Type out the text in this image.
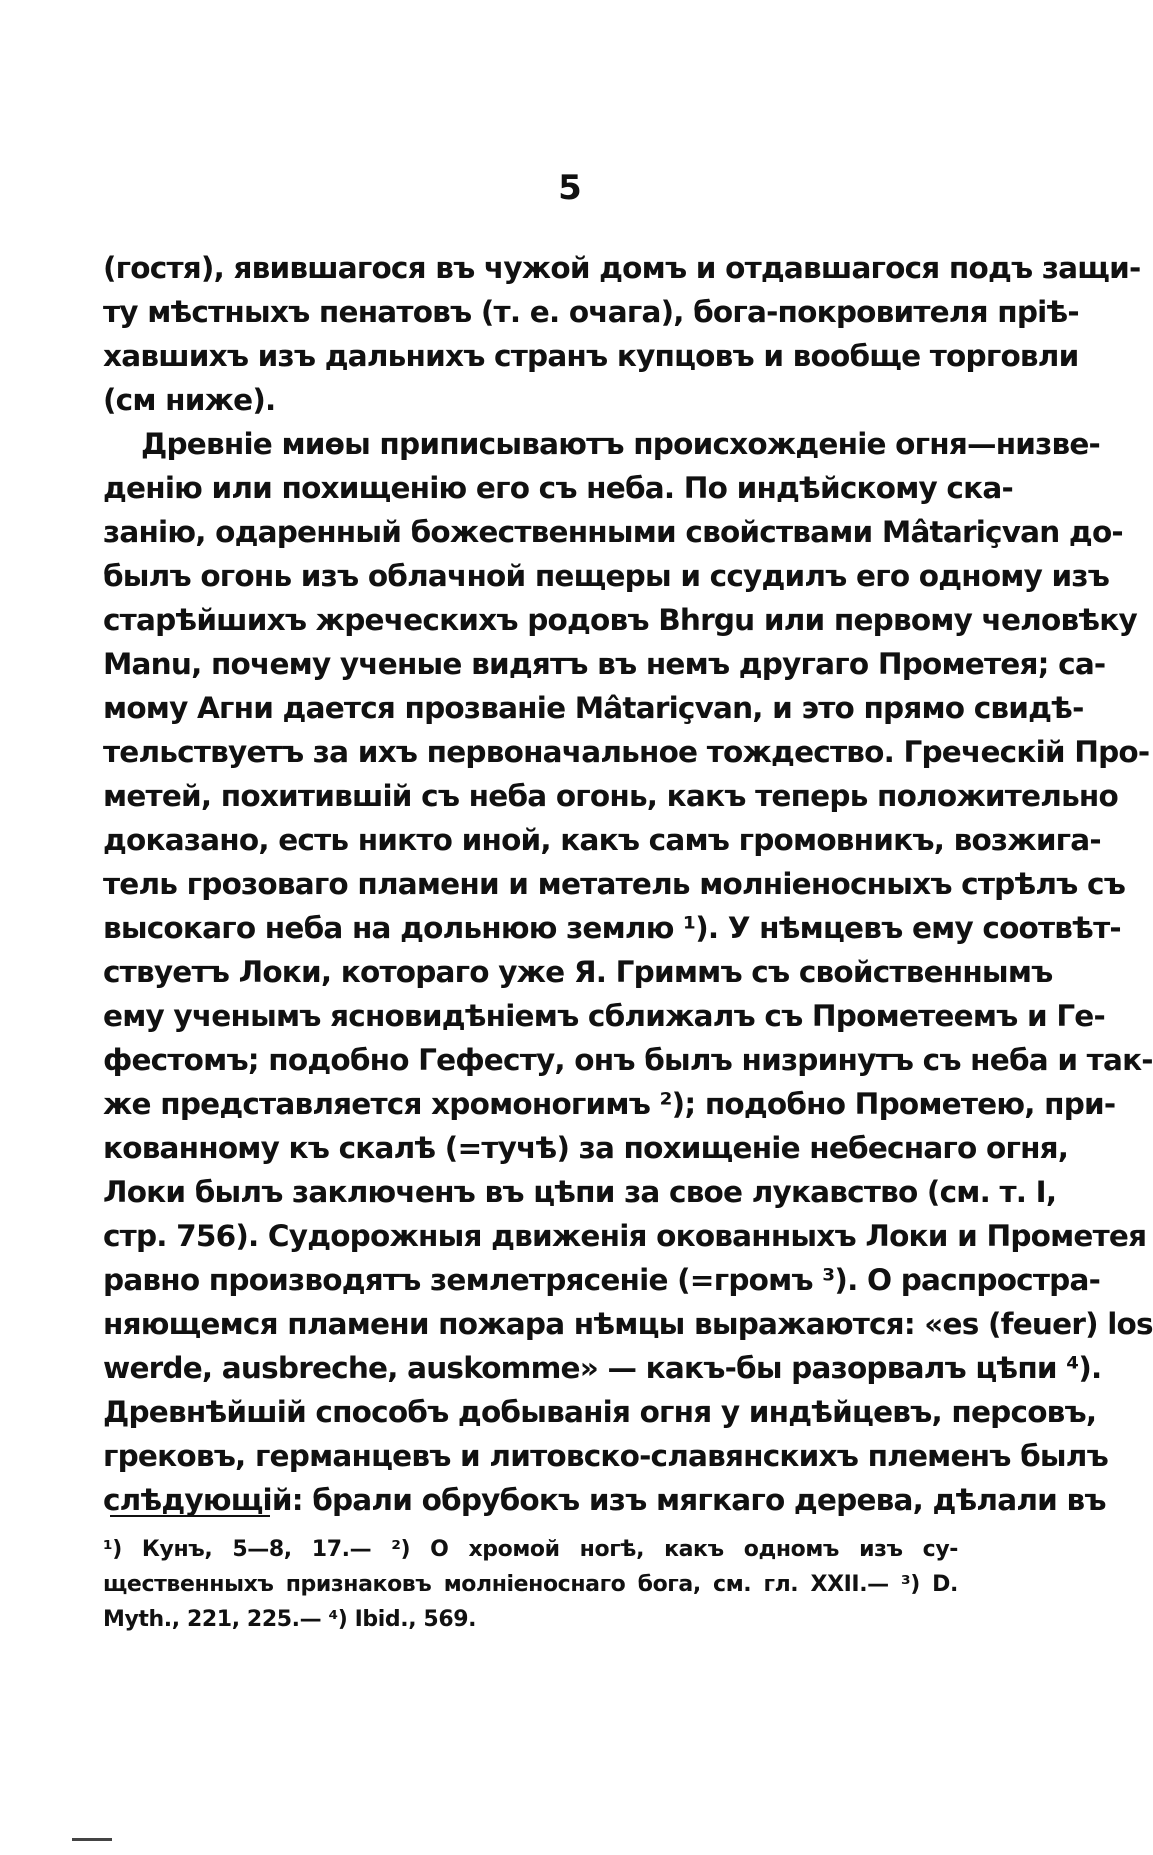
5
(гостя), явившагося въ чужой домъ и отдавшагося подъ защи-
ту мѣстныхъ пенатовъ (т. е. очага), бога-покровителя прiѣ-
хавшихъ изъ дальнихъ странъ купцовъ и вообще торговли
(см ниже).
Древнiе миѳы приписываютъ происхожденiе огня—низве-
денiю или похищенiю его съ неба. По индѣйскому ска-
занiю, одаренный божественными свойствами Mâtariçvan до-
былъ огонь изъ облачной пещеры и ссудилъ его одному изъ
старѣйшихъ жреческихъ родовъ Bhrgu или первому человѣку
Manu, почему ученые видятъ въ немъ другаго Прометея; са-
мому Агни дается прозванiе Mâtariçvan, и это прямо свидѣ-
тельствуетъ за ихъ первоначальное тождество. Греческiй Про-
метей, похитившiй съ неба огонь, какъ теперь положительно
доказано, есть никто иной, какъ самъ громовникъ, возжига-
тель грозоваго пламени и метатель молнiеносныхъ стрѣлъ съ
высокаго неба на дольнюю землю ¹). У нѣмцевъ ему соотвѣт-
ствуетъ Локи, котораго уже Я. Гриммъ съ свойственнымъ
ему ученымъ ясновидѣнiемъ сближалъ съ Прометеемъ и Ге-
фестомъ; подобно Гефесту, онъ былъ низринутъ съ неба и так-
же представляется хромоногимъ ²); подобно Прометею, при-
кованному къ скалѣ (=тучѣ) за похищенiе небеснаго огня,
Локи былъ заключенъ въ цѣпи за свое лукавство (см. т. I,
стр. 756). Судорожныя движенiя окованныхъ Локи и Прометея
равно производятъ землетрясенiе (=громъ ³). О распростра-
няющемся пламени пожара нѣмцы выражаются: «es (feuer) los
werde, ausbreche, auskomme» — какъ-бы разорвалъ цѣпи ⁴).
Древнѣйшiй способъ добыванiя огня у индѣйцевъ, персовъ,
грековъ, германцевъ и литовско-славянскихъ племенъ былъ
слѣдующiй: брали обрубокъ изъ мягкаго дерева, дѣлали въ
¹) Кунъ, 5—8, 17.— ²) О хромой ногѣ, какъ одномъ изъ су-
щественныхъ признаковъ молнiеноснаго бога, см. гл. XXII.— ³) D.
Myth., 221, 225.— ⁴) Ibid., 569.
